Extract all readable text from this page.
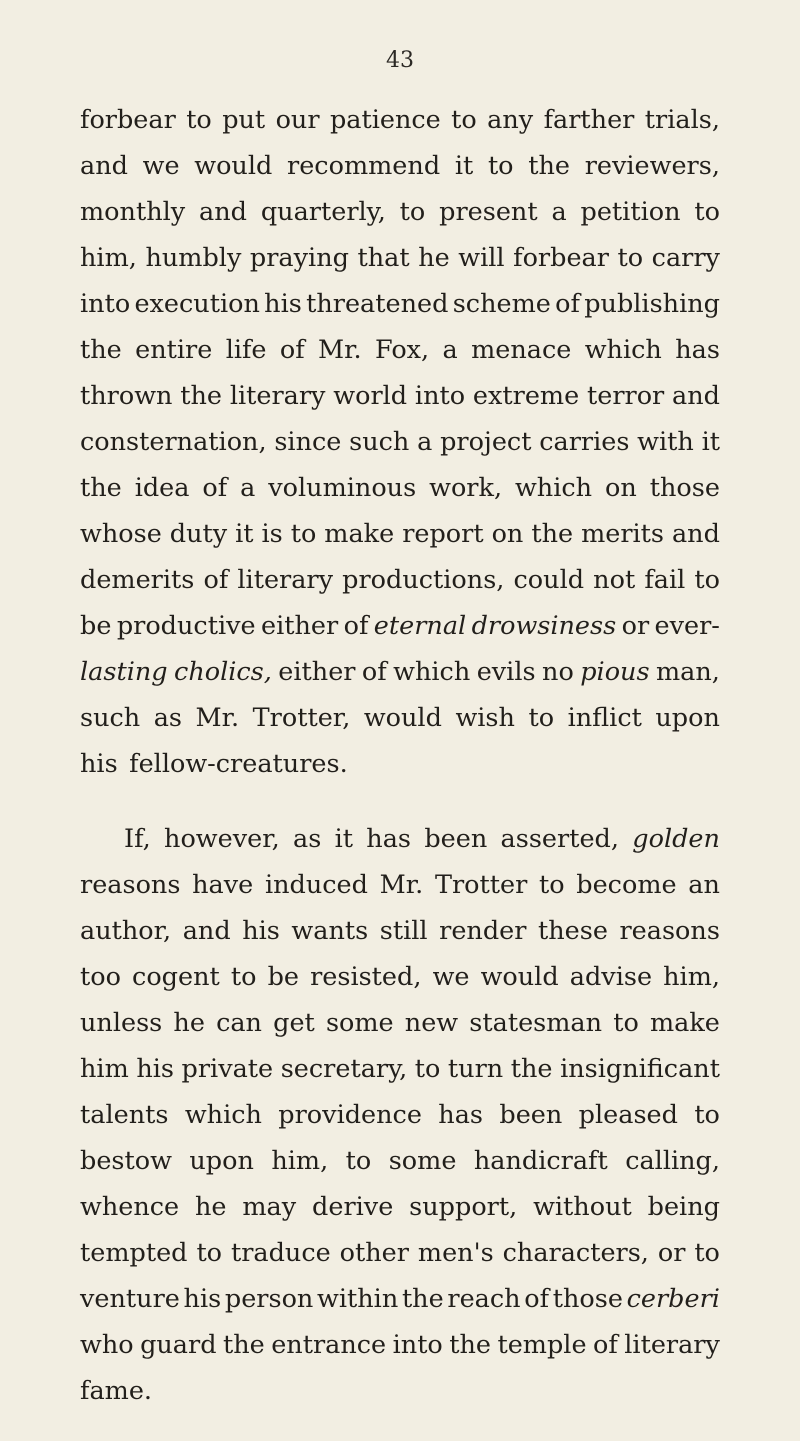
43
forbear to put our patience to any farther trials,
and we would recommend it to the reviewers,
monthly and quarterly, to present a petition to
him, humbly praying that he will forbear to carry
into execution his threatened scheme of publishing
the entire life of Mr. Fox, a menace which has
thrown the literary world into extreme terror and
consternation, since such a project carries with it
the idea of a voluminous work, which on those
whose duty it is to make report on the merits and
demerits of literary productions, could not fail to
be productive either of eternal drowsiness or ever-
lasting cholics, either of which evils no pious man,
such as Mr. Trotter, would wish to inflict upon
his fellow-creatures.
If, however, as it has been asserted, golden
reasons have induced Mr. Trotter to become an
author, and his wants still render these reasons
too cogent to be resisted, we would advise him,
unless he can get some new statesman to make
him his private secretary, to turn the insignificant
talents which providence has been pleased to
bestow upon him, to some handicraft calling,
whence he may derive support, without being
tempted to traduce other men's characters, or to
venture his person within the reach of those cerberi
who guard the entrance into the temple of literary
fame.
